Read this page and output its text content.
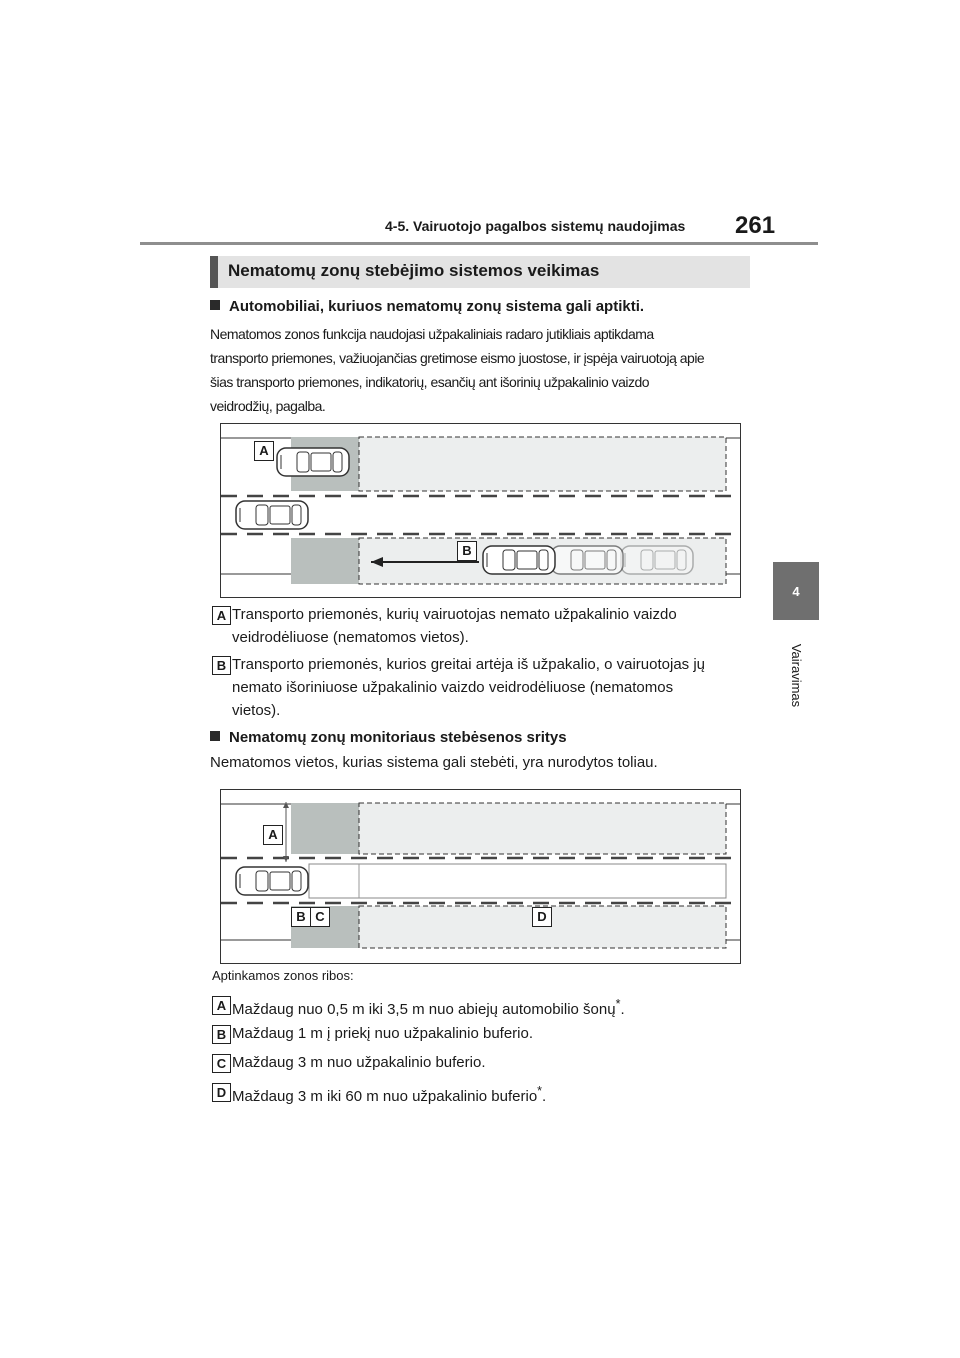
4-5. Vairuotojo pagalbos sistemų naudojimas 261
4
Vairavimas
Nematomų zonų stebėjimo sistemos veikimas
Automobiliai, kuriuos nematomų zonų sistema gali aptikti.
Nematomos zonos funkcija naudojasi užpakaliniais radaro jutikliais aptikdama
transporto priemones, važiuojančias gretimose eismo juostose, ir įspėja vairuotoją apie
šias transporto priemones, indikatorių, esančių ant išorinių užpakalinio vaizdo
veidrodžių, pagalba.
A
B
A Transporto priemonės, kurių vairuotojas nemato užpakalinio vaizdo
veidrodėliuose (nematomos vietos).
B Transporto priemonės, kurios greitai artėja iš užpakalio, o vairuotojas jų
nemato išoriniuose užpakalinio vaizdo veidrodėliuose (nematomos
vietos).
Nematomų zonų monitoriaus stebėsenos sritys
Nematomos vietos, kurias sistema gali stebėti, yra nurodytos toliau.
A
B C	D
Aptinkamos zonos ribos:
A Maždaug nuo 0,5 m iki 3,5 m nuo abiejų automobilio šonų*.
B Maždaug 1 m į priekį nuo užpakalinio buferio.
C Maždaug 3 m nuo užpakalinio buferio.
D Maždaug 3 m iki 60 m nuo užpakalinio buferio*.
